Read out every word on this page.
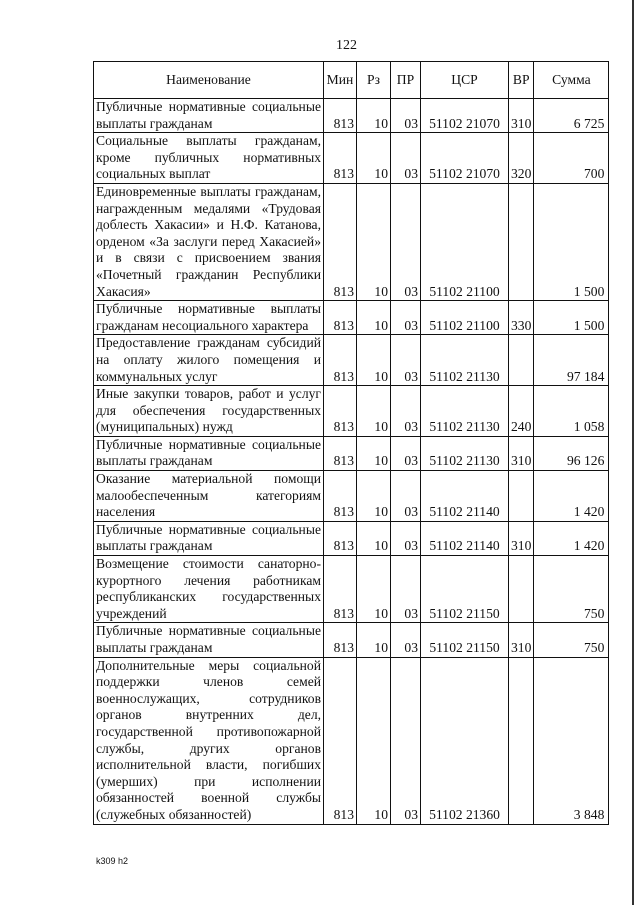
122
Наименование	Мин	Рз	ПР	ЦСР	ВР	Сумма
Публичные нормативные социальные выплаты гражданам	813	10	03	51102 21070	310	6 725
Социальные выплаты гражданам, кроме публичных нормативных социальных выплат	813	10	03	51102 21070	320	700
Единовременные выплаты гражданам, награжденным медалями «Трудовая доблесть Хакасии» и Н.Ф. Катанова, орденом «За заслуги перед Хакасией» и в связи с присвоением звания «Почетный гражданин Республики Хакасия»	813	10	03	51102 21100		1 500
Публичные нормативные выплаты гражданам несоциального характера	813	10	03	51102 21100	330	1 500
Предоставление гражданам субсидий на оплату жилого помещения и коммунальных услуг	813	10	03	51102 21130		97 184
Иные закупки товаров, работ и услуг для обеспечения государственных (муниципальных) нужд	813	10	03	51102 21130	240	1 058
Публичные нормативные социальные выплаты гражданам	813	10	03	51102 21130	310	96 126
Оказание материальной помощи малообеспеченным категориям населения	813	10	03	51102 21140		1 420
Публичные нормативные социальные выплаты гражданам	813	10	03	51102 21140	310	1 420
Возмещение стоимости санаторно-курортного лечения работникам республиканских государственных учреждений	813	10	03	51102 21150		750
Публичные нормативные социальные выплаты гражданам	813	10	03	51102 21150	310	750
Дополнительные меры социальной поддержки членов семей военнослужащих, сотрудников органов внутренних дел, государственной противопожарной службы, других органов исполнительной власти, погибших (умерших) при исполнении обязанностей военной службы (служебных обязанностей)	813	10	03	51102 21360		3 848
k309 h2
